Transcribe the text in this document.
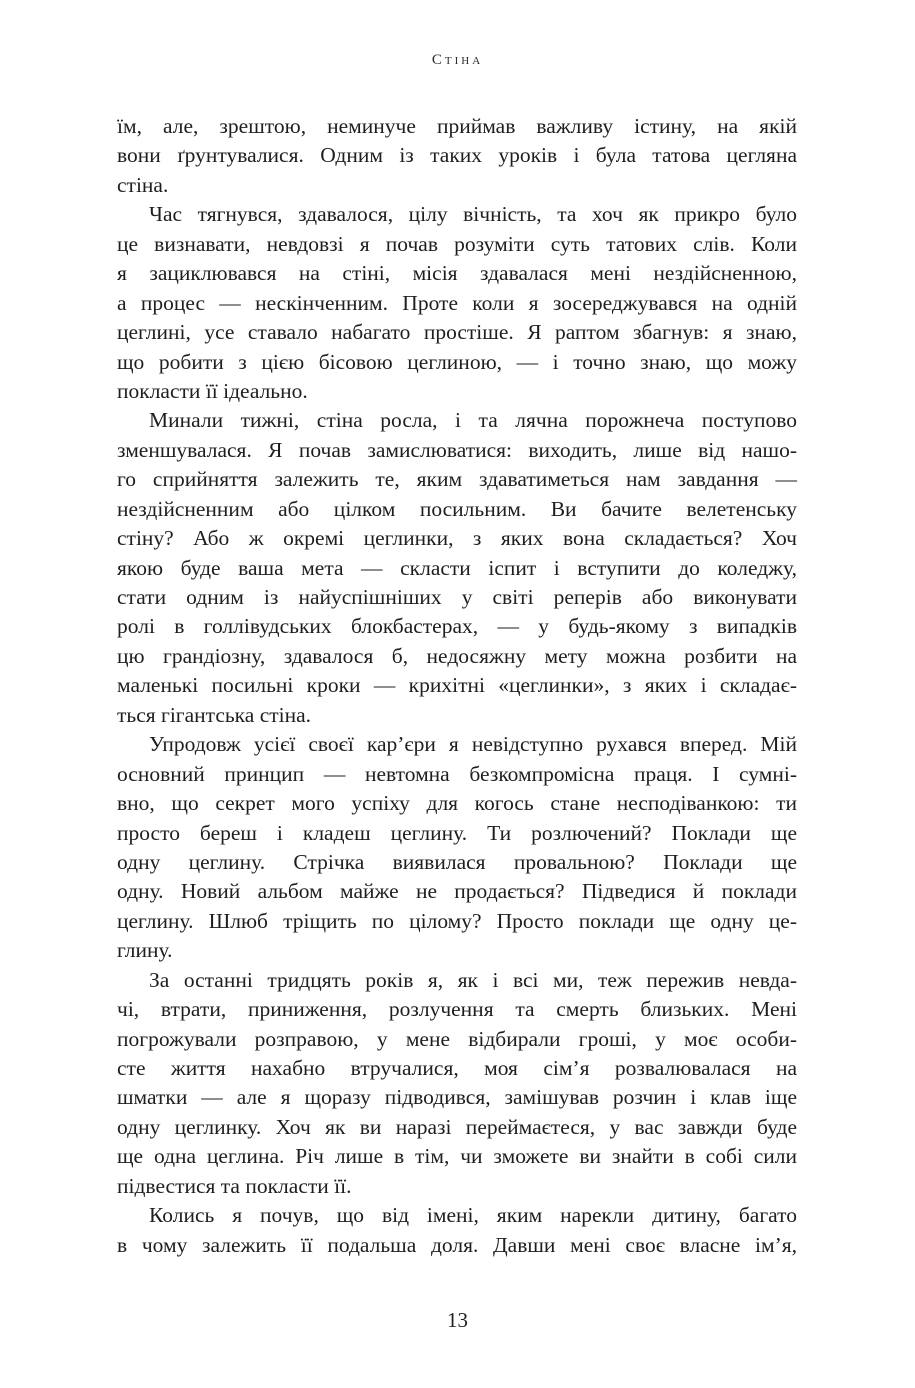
Стіна
їм, але, зрештою, неминуче приймав важливу істину, на якій
вони ґрунтувалися. Одним із таких уроків і була татова цегляна
стіна.
Час тягнувся, здавалося, цілу вічність, та хоч як прикро було
це визнавати, невдовзі я почав розуміти суть татових слів. Коли
я зациклювався на стіні, місія здавалася мені нездійсненною,
а процес — нескінченним. Проте коли я зосереджувався на одній
цеглині, усе ставало набагато простіше. Я раптом збагнув: я знаю,
що робити з цією бісовою цеглиною, — і точно знаю, що можу
покласти її ідеально.
Минали тижні, стіна росла, і та лячна порожнеча поступово
зменшувалася. Я почав замислюватися: виходить, лише від нашо-
го сприйняття залежить те, яким здаватиметься нам завдання —
нездійсненним або цілком посильним. Ви бачите велетенську
стіну? Або ж окремі цеглинки, з яких вона складається? Хоч
якою буде ваша мета — скласти іспит і вступити до коледжу,
стати одним із найуспішніших у світі реперів або виконувати
ролі в голлівудських блокбастерах, — у будь-якому з випадків
цю грандіозну, здавалося б, недосяжну мету можна розбити на
маленькі посильні кроки — крихітні «цеглинки», з яких і складає-
ться гігантська стіна.
Упродовж усієї своєї кар’єри я невідступно рухався вперед. Мій
основний принцип — невтомна безкомпромісна праця. І сумні-
вно, що секрет мого успіху для когось стане несподіванкою: ти
просто береш і кладеш цеглину. Ти розлючений? Поклади ще
одну цеглину. Стрічка виявилася провальною? Поклади ще
одну. Новий альбом майже не продається? Підведися й поклади
цеглину. Шлюб тріщить по цілому? Просто поклади ще одну це-
глину.
За останні тридцять років я, як і всі ми, теж пережив невда-
чі, втрати, приниження, розлучення та смерть близьких. Мені
погрожували розправою, у мене відбирали гроші, у моє особи-
сте життя нахабно втручалися, моя сім’я розвалювалася на
шматки — але я щоразу підводився, замішував розчин і клав іще
одну цеглинку. Хоч як ви наразі переймаєтеся, у вас завжди буде
ще одна цеглина. Річ лише в тім, чи зможете ви знайти в собі сили
підвестися та покласти її.
Колись я почув, що від імені, яким нарекли дитину, багато
в чому залежить її подальша доля. Давши мені своє власне ім’я,
13
